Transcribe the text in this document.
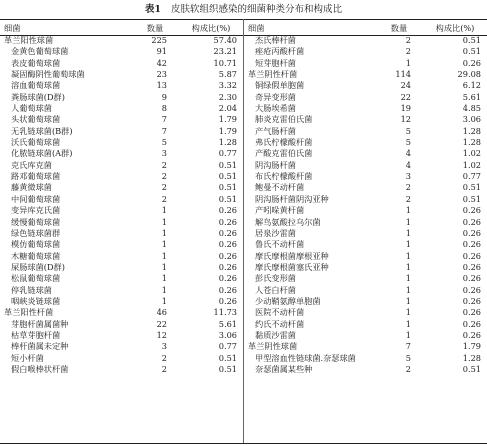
表1 皮肤软组织感染的细菌种类分布和构成比
细菌	数量	构成比(%)
革兰阳性球菌	225	57.40
金黄色葡萄球菌	91	23.21
表皮葡萄球菌	42	10.71
凝固酶阴性葡萄球菌	23	5.87
溶血葡萄球菌	13	3.32
粪肠球菌(D群)	9	2.30
人葡萄球菌	8	2.04
头状葡萄球菌	7	1.79
无乳链球菌(B群)	7	1.79
沃氏葡萄球菌	5	1.28
化脓链球菌(A群)	3	0.77
克氏库克菌	2	0.51
路邓葡萄球菌	2	0.51
藤黄微球菌	2	0.51
中间葡萄球菌	2	0.51
变异库克氏菌	1	0.26
缓慢葡萄球菌	1	0.26
绿色链球菌群	1	0.26
模仿葡萄球菌	1	0.26
木糖葡萄球菌	1	0.26
屎肠球菌(D群)	1	0.26
松鼠葡萄球菌	1	0.26
停乳链球菌	1	0.26
咽峡炎链球菌	1	0.26
革兰阳性杆菌	46	11.73
芽胞杆菌属菌种	22	5.61
枯草芽胞杆菌	12	3.06
棒杆菌属未定种	3	0.77
短小杆菌	2	0.51
假白喉棒状杆菌	2	0.51
细菌	数量	构成比(%)
杰氏棒杆菌	2	0.51
痤疮丙酸杆菌	2	0.51
短芽胞杆菌	1	0.26
革兰阴性杆菌	114	29.08
铜绿假单胞菌	24	6.12
奇异变形菌	22	5.61
大肠埃希菌	19	4.85
肺炎克雷伯氏菌	12	3.06
产气肠杆菌	5	1.28
弗氏柠檬酸杆菌	5	1.28
产酸克雷伯氏菌	4	1.02
阴沟肠杆菌	4	1.02
布氏柠檬酸杆菌	3	0.77
鲍曼不动杆菌	2	0.51
阴沟肠杆菌阴沟亚种	2	0.51
产吲哚黄杆菌	1	0.26
解鸟氨酸拉乌尔菌	1	0.26
居泉沙雷菌	1	0.26
鲁氏不动杆菌	1	0.26
摩氏摩根菌摩根亚种	1	0.26
摩氏摩根菌塞氏亚种	1	0.26
彭氏变形菌	1	0.26
人苍白杆菌	1	0.26
少动鞘氨醇单胞菌	1	0.26
医院不动杆菌	1	0.26
约氏不动杆菌	1	0.26
黏质沙雷菌	1	0.26
革兰阴性球菌	7	1.79
甲型溶血性链球菌.奈瑟球菌	5	1.28
奈瑟菌属某些种	2	0.51
